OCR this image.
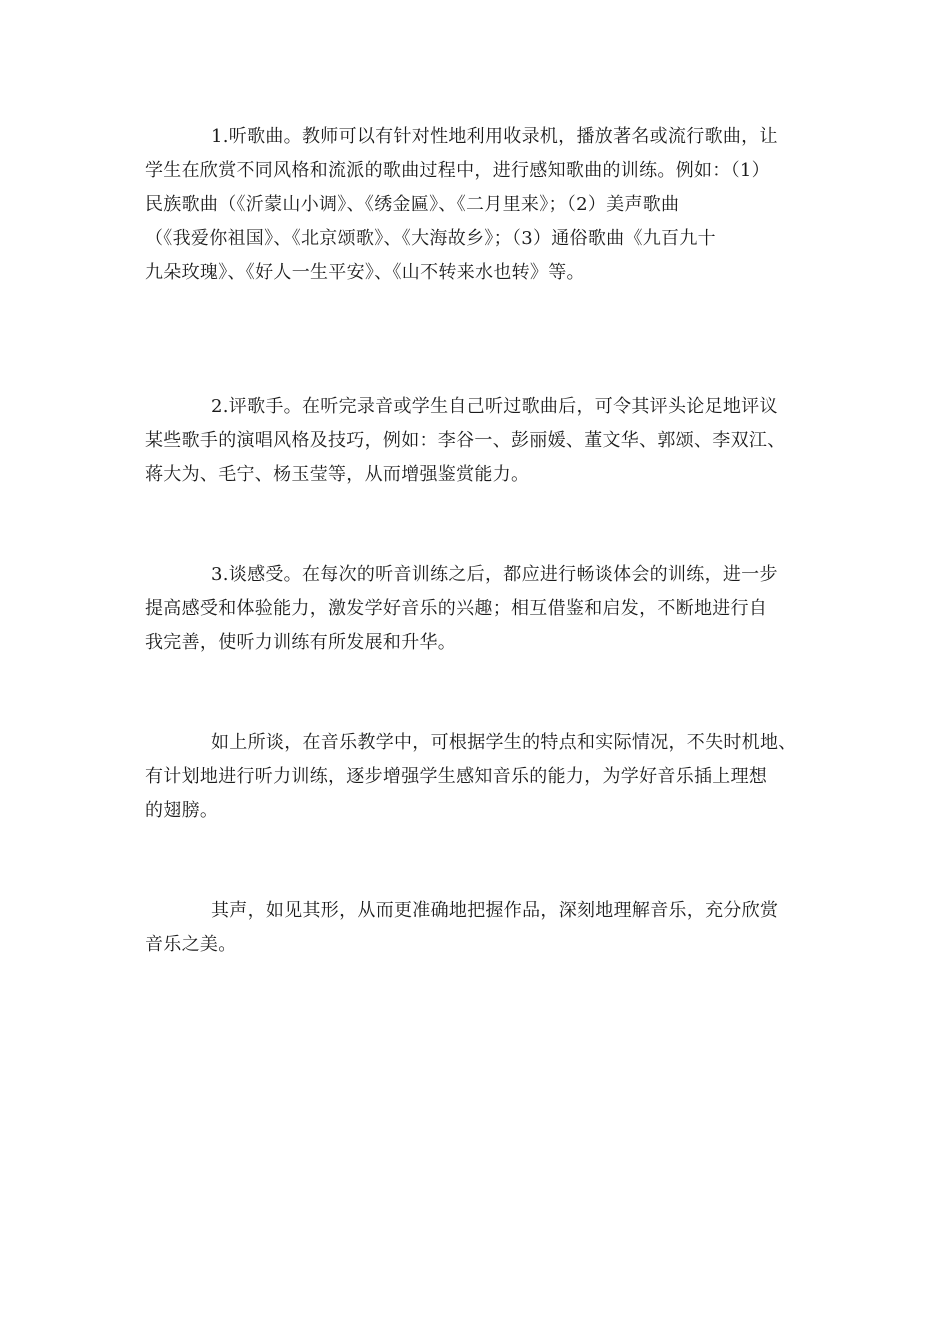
1.听歌曲。教师可以有针对性地利用收录机，播放著名或流行歌曲，让
学生在欣赏不同风格和流派的歌曲过程中，进行感知歌曲的训练。例如：（1）
民族歌曲（《沂蒙山小调》、《绣金匾》、《二月里来》；（2）美声歌曲
（《我爱你祖国》、《北京颂歌》、《大海故乡》；（3）通俗歌曲《九百九十
九朵玫瑰》、《好人一生平安》、《山不转来水也转》等。
2.评歌手。在听完录音或学生自己听过歌曲后，可令其评头论足地评议
某些歌手的演唱风格及技巧，例如：李谷一、彭丽媛、董文华、郭颂、李双江、
蒋大为、毛宁、杨玉莹等，从而增强鉴赏能力。
3.谈感受。在每次的听音训练之后，都应进行畅谈体会的训练，进一步
提高感受和体验能力，激发学好音乐的兴趣；相互借鉴和启发，不断地进行自
我完善，使听力训练有所发展和升华。
如上所谈，在音乐教学中，可根据学生的特点和实际情况，不失时机地、
有计划地进行听力训练，逐步增强学生感知音乐的能力，为学好音乐插上理想
的翅膀。
其声，如见其形，从而更准确地把握作品，深刻地理解音乐，充分欣赏
音乐之美。
